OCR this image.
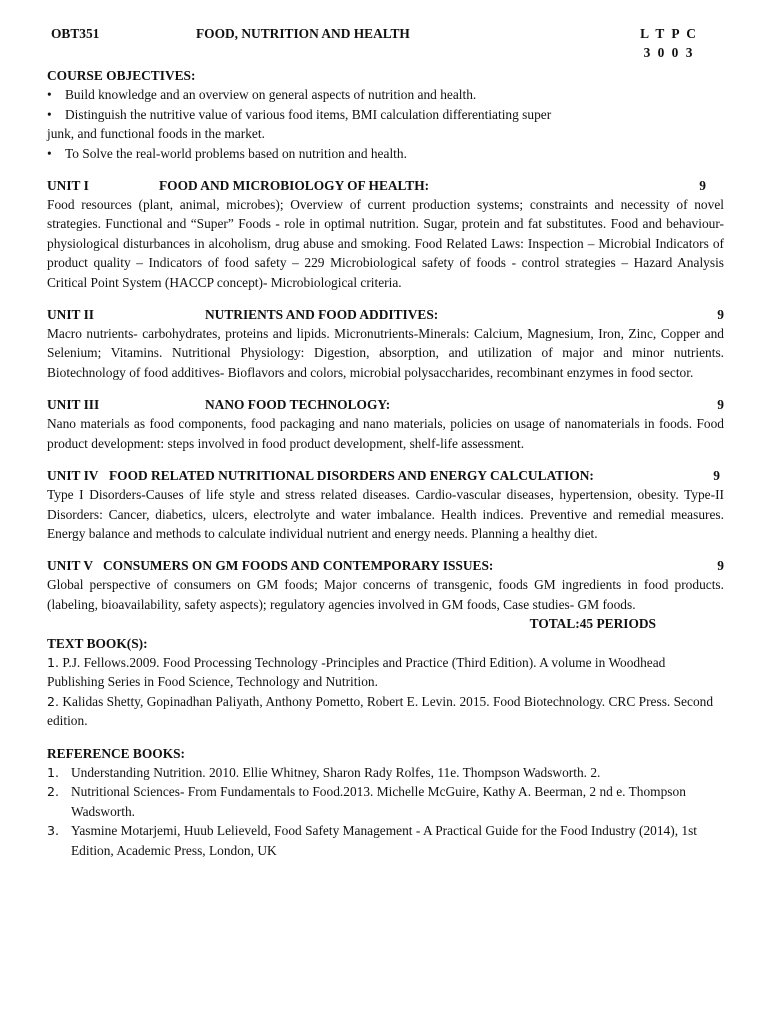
OBT351	FOOD, NUTRITION AND HEALTH	L T P C
3 0 0 3
COURSE OBJECTIVES:
• Build knowledge and an overview on general aspects of nutrition and health.
• Distinguish the nutritive value of various food items, BMI calculation differentiating super
junk, and functional foods in the market.
• To Solve the real-world problems based on nutrition and health.
UNIT I	FOOD AND MICROBIOLOGY OF HEALTH:	9

Food resources (plant, animal, microbes); Overview of current production systems; constraints and necessity of novel strategies. Functional and “Super” Foods - role in optimal nutrition. Sugar, protein and fat substitutes. Food and behaviour- physiological disturbances in alcoholism, drug abuse and smoking. Food Related Laws: Inspection – Microbial Indicators of product quality – Indicators of food safety – 229 Microbiological safety of foods - control strategies – Hazard Analysis Critical Point System (HACCP concept)- Microbiological criteria.

UNIT II	NUTRIENTS AND FOOD ADDITIVES:	9

Macro nutrients- carbohydrates, proteins and lipids. Micronutrients-Minerals: Calcium, Magnesium, Iron, Zinc, Copper and Selenium; Vitamins. Nutritional Physiology: Digestion, absorption, and utilization of major and minor nutrients. Biotechnology of food additives- Bioflavors and colors, microbial polysaccharides, recombinant enzymes in food sector.

UNIT III	NANO FOOD TECHNOLOGY:	9

Nano materials as food components, food packaging and nano materials, policies on usage of nanomaterials in foods. Food product development: steps involved in food product development, shelf-life assessment.

UNIT IV FOOD RELATED NUTRITIONAL DISORDERS AND ENERGY CALCULATION:	9

Type I Disorders-Causes of life style and stress related diseases. Cardio-vascular diseases, hypertension, obesity. Type-II Disorders: Cancer, diabetics, ulcers, electrolyte and water imbalance. Health indices. Preventive and remedial measures. Energy balance and methods to calculate individual nutrient and energy needs. Planning a healthy diet.

UNIT V CONSUMERS ON GM FOODS AND CONTEMPORARY ISSUES:	9

Global perspective of consumers on GM foods; Major concerns of transgenic, foods GM ingredients in food products. (labeling, bioavailability, safety aspects); regulatory agencies involved in GM foods, Case studies- GM foods.

TOTAL:45 PERIODS
TEXT BOOK(S):
1. P.J. Fellows.2009. Food Processing Technology -Principles and Practice (Third Edition). A volume in Woodhead Publishing Series in Food Science, Technology and Nutrition.
2. Kalidas Shetty, Gopinadhan Paliyath, Anthony Pometto, Robert E. Levin. 2015. Food Biotechnology. CRC Press. Second edition.
REFERENCE BOOKS:
1. Understanding Nutrition. 2010. Ellie Whitney, Sharon Rady Rolfes, 11e. Thompson Wadsworth. 2.
2. Nutritional Sciences- From Fundamentals to Food.2013. Michelle McGuire, Kathy A. Beerman, 2 nd e. Thompson Wadsworth.
3. Yasmine Motarjemi, Huub Lelieveld, Food Safety Management - A Practical Guide for the Food Industry (2014), 1st Edition, Academic Press, London, UK
